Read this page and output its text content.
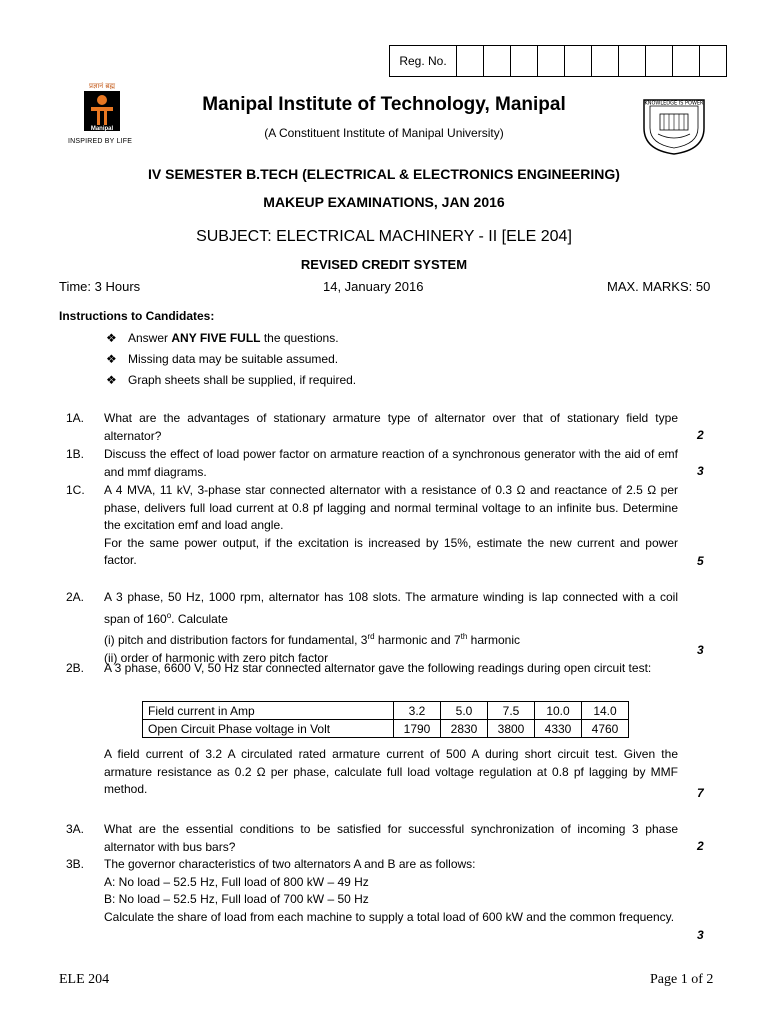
Reg. No.
प्रज्ञानं ब्रह्म
Manipal
INSPIRED BY LIFE
Manipal Institute of Technology, Manipal
(A Constituent Institute of Manipal University)
KNOWLEDGE IS POWER
IV SEMESTER B.TECH (ELECTRICAL & ELECTRONICS ENGINEERING)
MAKEUP EXAMINATIONS, JAN 2016
SUBJECT: ELECTRICAL MACHINERY - II [ELE 204]
REVISED CREDIT SYSTEM
Time: 3 Hours	14, January 2016	MAX. MARKS: 50
Instructions to Candidates:
❖ Answer ANY FIVE FULL the questions.
❖ Missing data may be suitable assumed.
❖ Graph sheets shall be supplied, if required.
1A.	What are the advantages of stationary armature type of alternator over that of stationary field type alternator?	2
1B.	Discuss the effect of load power factor on armature reaction of a synchronous generator with the aid of emf and mmf diagrams.	3
1C.	A 4 MVA, 11 kV, 3-phase star connected alternator with a resistance of 0.3 Ω and reactance of 2.5 Ω per phase, delivers full load current at 0.8 pf lagging and normal terminal voltage to an infinite bus. Determine the excitation emf and load angle.
For the same power output, if the excitation is increased by 15%, estimate the new current and power factor.	5
2A.	A 3 phase, 50 Hz, 1000 rpm, alternator has 108 slots. The armature winding is lap connected with a coil span of 160$^o$. Calculate
(i) pitch and distribution factors for fundamental, 3rd harmonic and 7th harmonic
(ii) order of harmonic with zero pitch factor
3
2B.	A 3 phase, 6600 V, 50 Hz star connected alternator gave the following readings during open circuit test:
Field current in Amp	3.2	5.0	7.5	10.0	14.0
Open Circuit Phase voltage in Volt	1790	2830	3800	4330	4760
A field current of 3.2 A circulated rated armature current of 500 A during short circuit test. Given the armature resistance as 0.2 Ω per phase, calculate full load voltage regulation at 0.8 pf lagging by MMF method.	7
3A.	What are the essential conditions to be satisfied for successful synchronization of incoming 3 phase alternator with bus bars?	2
3B.	The governor characteristics of two alternators A and B are as follows:
A: No load – 52.5 Hz, Full load of 800 kW – 49 Hz
B: No load – 52.5 Hz, Full load of 700 kW – 50 Hz
Calculate the share of load from each machine to supply a total load of 600 kW and the common frequency.
3
ELE 204	Page 1 of 2
